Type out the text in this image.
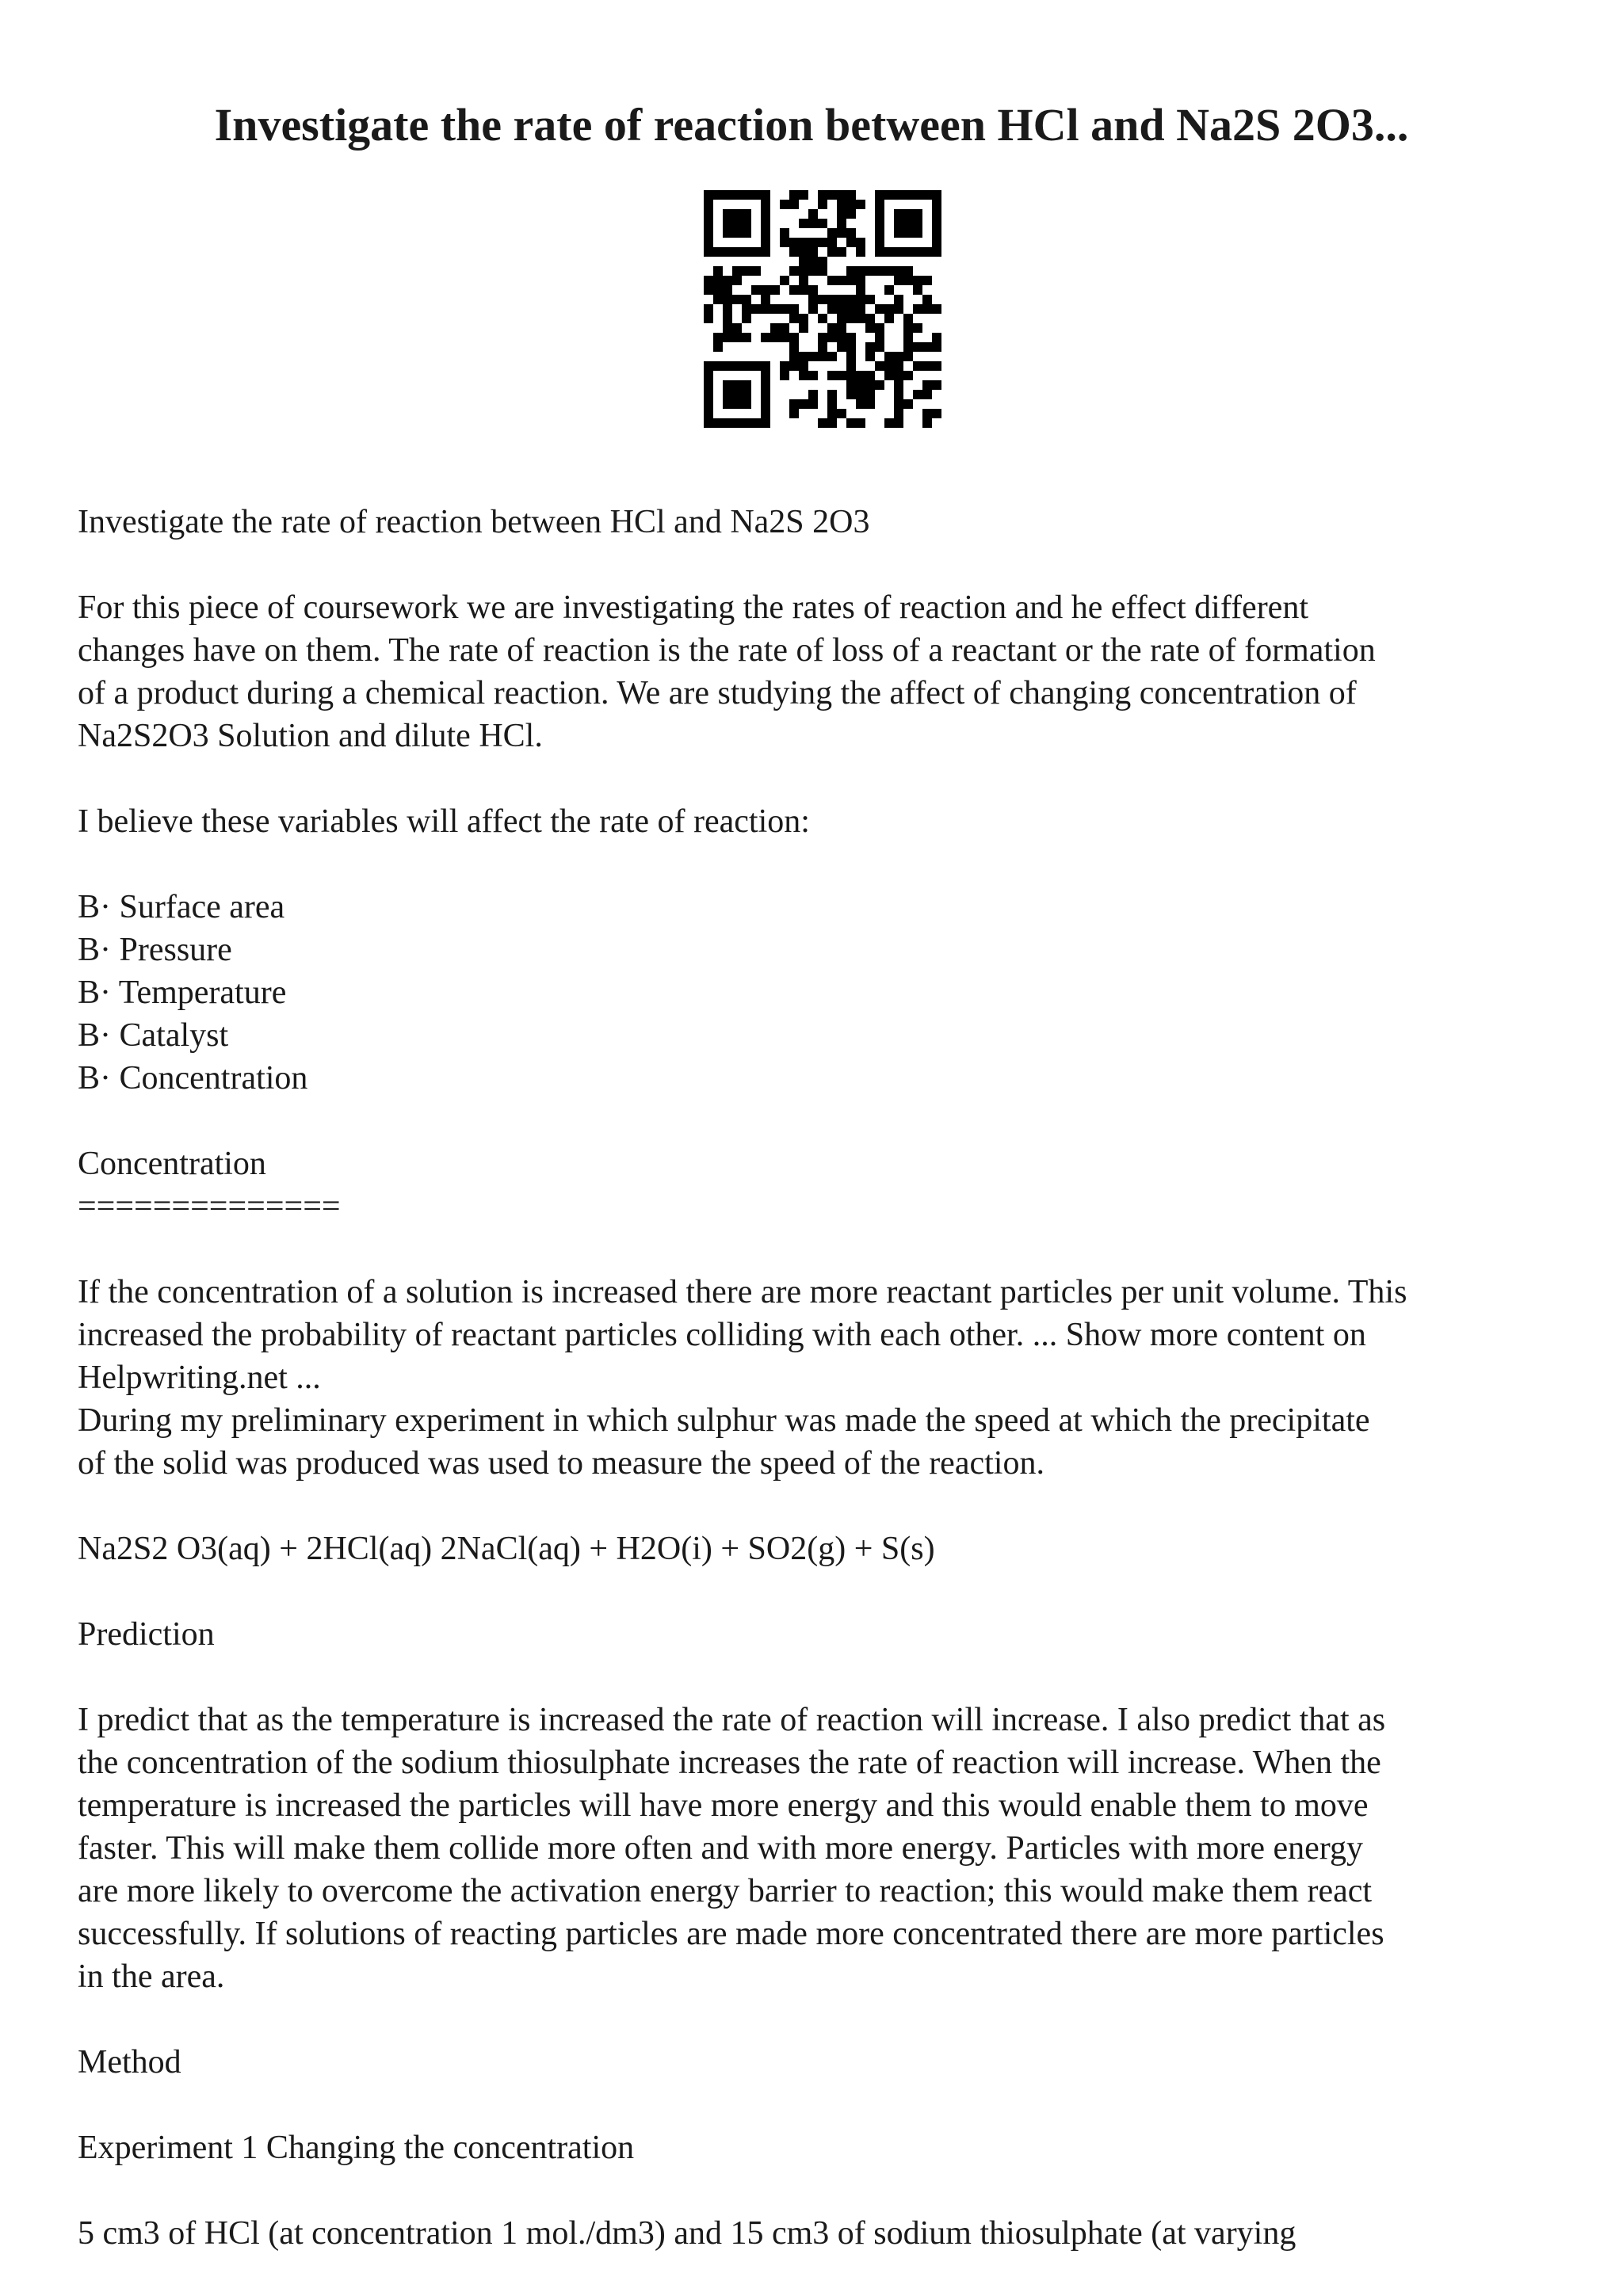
Investigate the rate of reaction between HCl and Na2S 2O3...

Investigate the rate of reaction between HCl and Na2S 2O3

For this piece of coursework we are investigating the rates of reaction and he effect different

changes have on them. The rate of reaction is the rate of loss of a reactant or the rate of formation

of a product during a chemical reaction. We are studying the affect of changing concentration of

Na2S2O3 Solution and dilute HCl.

I believe these variables will affect the rate of reaction:

B· Surface area

B· Pressure

B· Temperature

B· Catalyst

B· Concentration

Concentration

==============

If the concentration of a solution is increased there are more reactant particles per unit volume. This

increased the probability of reactant particles colliding with each other. ... Show more content on

Helpwriting.net ...

During my preliminary experiment in which sulphur was made the speed at which the precipitate

of the solid was produced was used to measure the speed of the reaction.

Na2S2 O3(aq) + 2HCl(aq) 2NaCl(aq) + H2O(i) + SO2(g) + S(s)

Prediction

I predict that as the temperature is increased the rate of reaction will increase. I also predict that as

the concentration of the sodium thiosulphate increases the rate of reaction will increase. When the

temperature is increased the particles will have more energy and this would enable them to move

faster. This will make them collide more often and with more energy. Particles with more energy

are more likely to overcome the activation energy barrier to reaction; this would make them react

successfully. If solutions of reacting particles are made more concentrated there are more particles

in the area.

Method

Experiment 1 Changing the concentration

5 cm3 of HCl (at concentration 1 mol./dm3) and 15 cm3 of sodium thiosulphate (at varying
